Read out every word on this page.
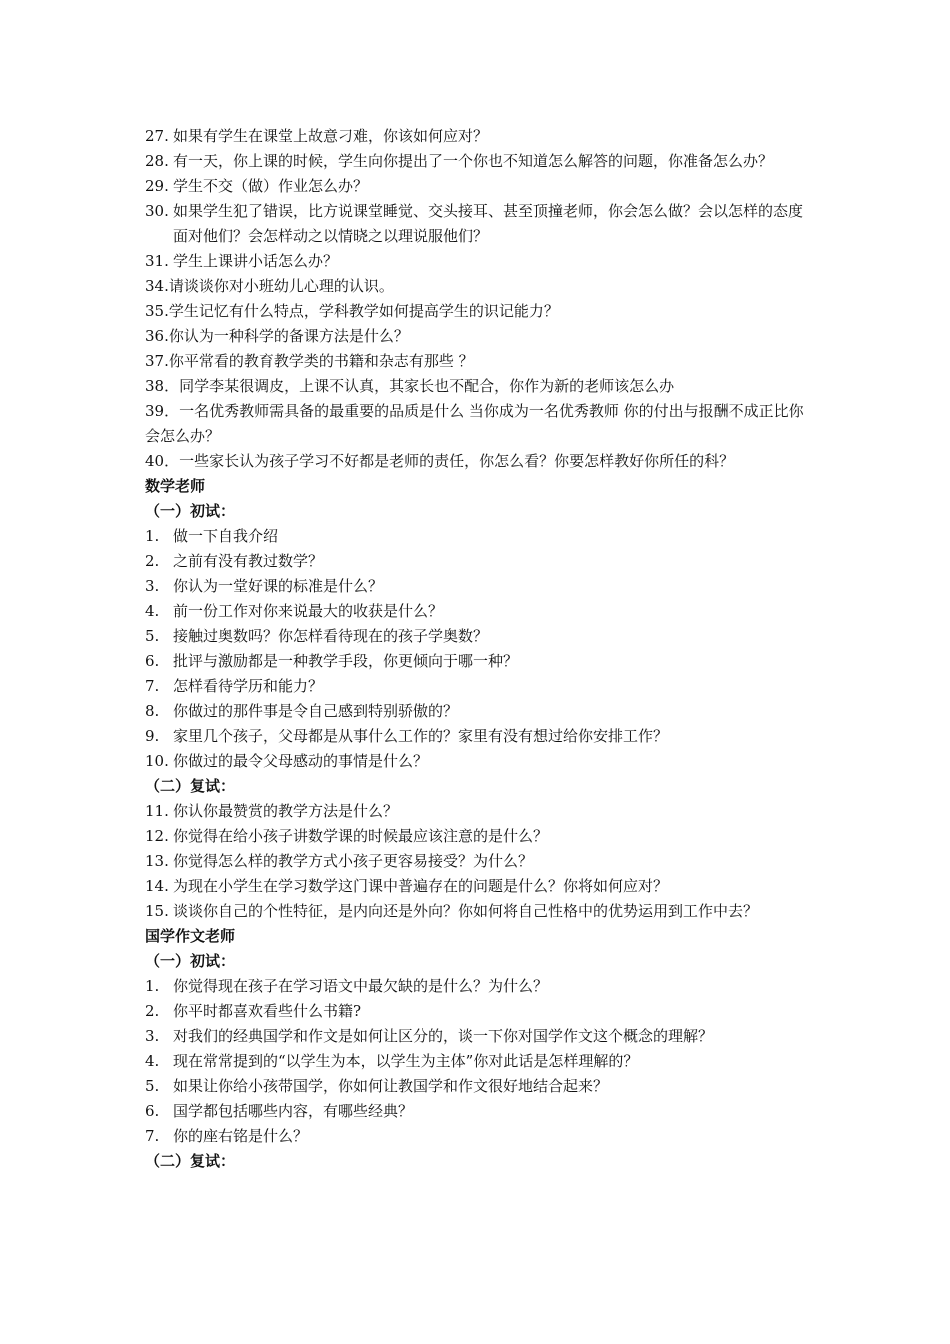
27. 如果有学生在课堂上故意刁难，你该如何应对？
28. 有一天，你上课的时候，学生向你提出了一个你也不知道怎么解答的问题，你准备怎么办？
29. 学生不交（做）作业怎么办？
30. 如果学生犯了错误，比方说课堂睡觉、交头接耳、甚至顶撞老师，你会怎么做？会以怎样的态度面对他们？会怎样动之以情晓之以理说服他们？
31. 学生上课讲小话怎么办？
34.请谈谈你对小班幼儿心理的认识。
35.学生记忆有什么特点，学科教学如何提高学生的识记能力？
36.你认为一种科学的备课方法是什么？
37.你平常看的教育教学类的书籍和杂志有那些 ？
38．同学李某很调皮，上课不认真，其家长也不配合，你作为新的老师该怎么办
39．一名优秀教师需具备的最重要的品质是什么 当你成为一名优秀教师 你的付出与报酬不成正比你会怎么办？
40．一些家长认为孩子学习不好都是老师的责任，你怎么看？你要怎样教好你所任的科？
数学老师
（一）初试：
1. 做一下自我介绍
2. 之前有没有教过数学？
3. 你认为一堂好课的标准是什么？
4. 前一份工作对你来说最大的收获是什么？
5. 接触过奥数吗？你怎样看待现在的孩子学奥数？
6. 批评与激励都是一种教学手段，你更倾向于哪一种？
7. 怎样看待学历和能力？
8. 你做过的那件事是令自己感到特别骄傲的？
9. 家里几个孩子，父母都是从事什么工作的？家里有没有想过给你安排工作？
10. 你做过的最令父母感动的事情是什么？
（二）复试：
11. 你认你最赞赏的教学方法是什么？
12. 你觉得在给小孩子讲数学课的时候最应该注意的是什么？
13. 你觉得怎么样的教学方式小孩子更容易接受？为什么？
14. 为现在小学生在学习数学这门课中普遍存在的问题是什么？你将如何应对？
15. 谈谈你自己的个性特征，是内向还是外向？你如何将自己性格中的优势运用到工作中去？
国学作文老师
（一）初试：
1. 你觉得现在孩子在学习语文中最欠缺的是什么？为什么？
2. 你平时都喜欢看些什么书籍?
3. 对我们的经典国学和作文是如何让区分的，谈一下你对国学作文这个概念的理解？
4. 现在常常提到的“以学生为本，以学生为主体”你对此话是怎样理解的？
5. 如果让你给小孩带国学，你如何让教国学和作文很好地结合起来？
6. 国学都包括哪些内容，有哪些经典？
7. 你的座右铭是什么？
（二）复试：
